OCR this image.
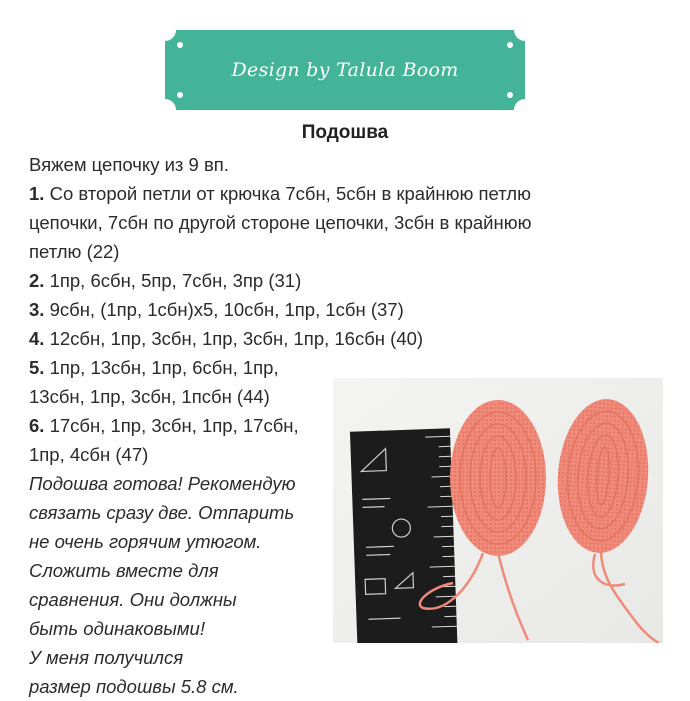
Design by Talula Boom
Подошва
Вяжем цепочку из 9 вп.
1. Со второй петли от крючка 7сбн, 5сбн в крайнюю петлю
цепочки, 7сбн по другой стороне цепочки, 3сбн в крайнюю
петлю (22)
2. 1пр, 6сбн, 5пр, 7сбн, 3пр (31)
3. 9сбн, (1пр, 1сбн)х5, 10сбн, 1пр, 1сбн (37)
4. 12сбн, 1пр, 3сбн, 1пр, 3сбн, 1пр, 16сбн (40)
5. 1пр, 13сбн, 1пр, 6сбн, 1пр,
13сбн, 1пр, 3сбн, 1псбн (44)
6. 17сбн, 1пр, 3сбн, 1пр, 17сбн,
1пр, 4сбн (47)
Подошва готова! Рекомендую
связать сразу две. Отпарить
не очень горячим утюгом.
Сложить вместе для
сравнения. Они должны
быть одинаковыми!
У меня получился
размер подошвы 5.8 см.
